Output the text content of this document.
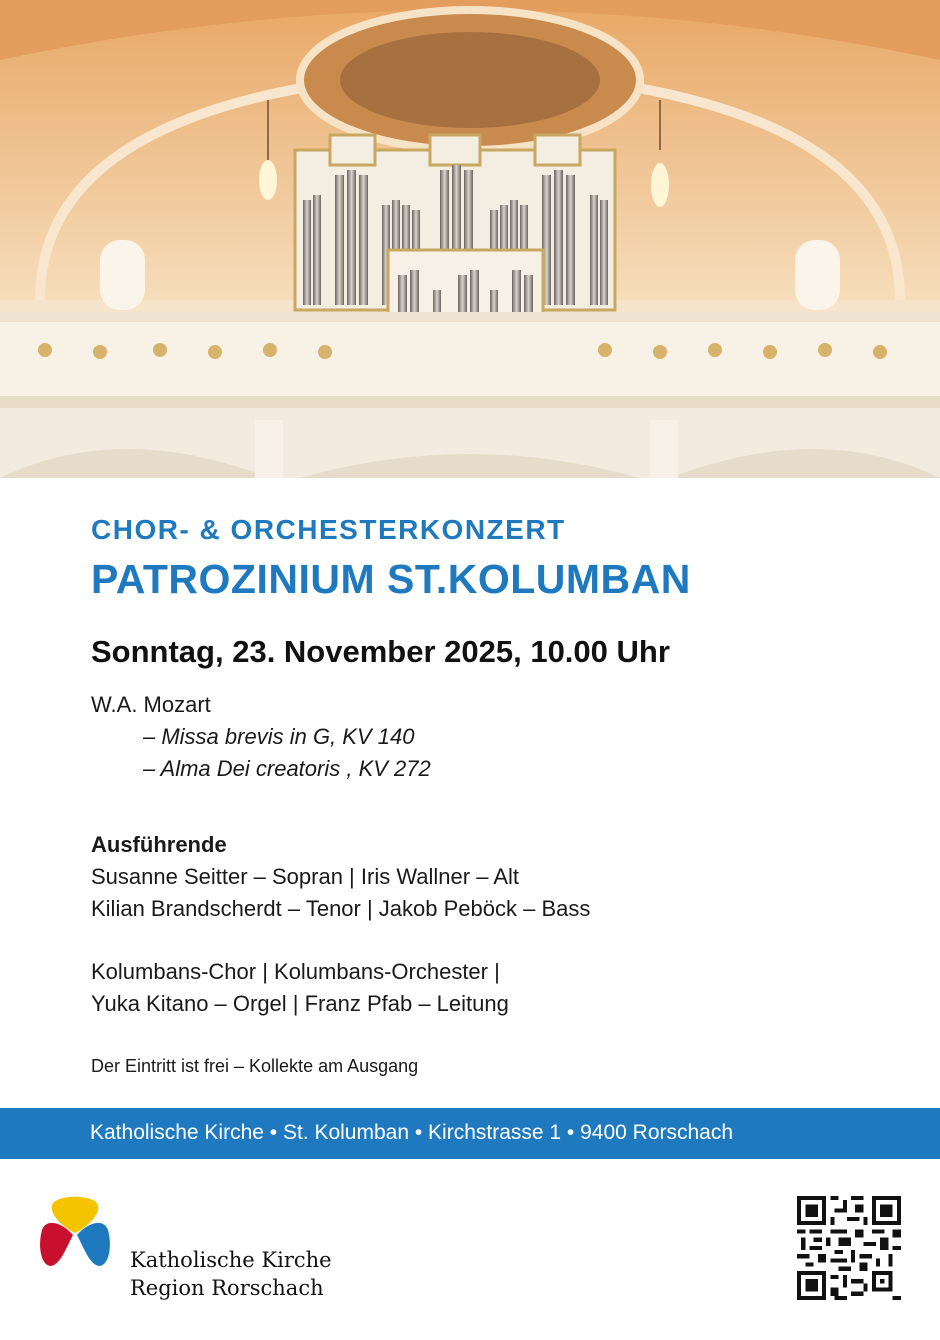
CHOR- & ORCHESTERKONZERT
PATROZINIUM ST.KOLUMBAN
Sonntag, 23. November 2025, 10.00 Uhr
W.A. Mozart
– Missa brevis in G, KV 140
– Alma Dei creatoris , KV 272
Ausführende
Susanne Seitter – Sopran | Iris Wallner – Alt
Kilian Brandscherdt – Tenor | Jakob Peböck – Bass
Kolumbans-Chor | Kolumbans-Orchester |
Yuka Kitano – Orgel | Franz Pfab – Leitung
Der Eintritt ist frei – Kollekte am Ausgang
Katholische Kirche • St. Kolumban • Kirchstrasse 1 • 9400 Rorschach
Katholische Kirche
Region Rorschach
